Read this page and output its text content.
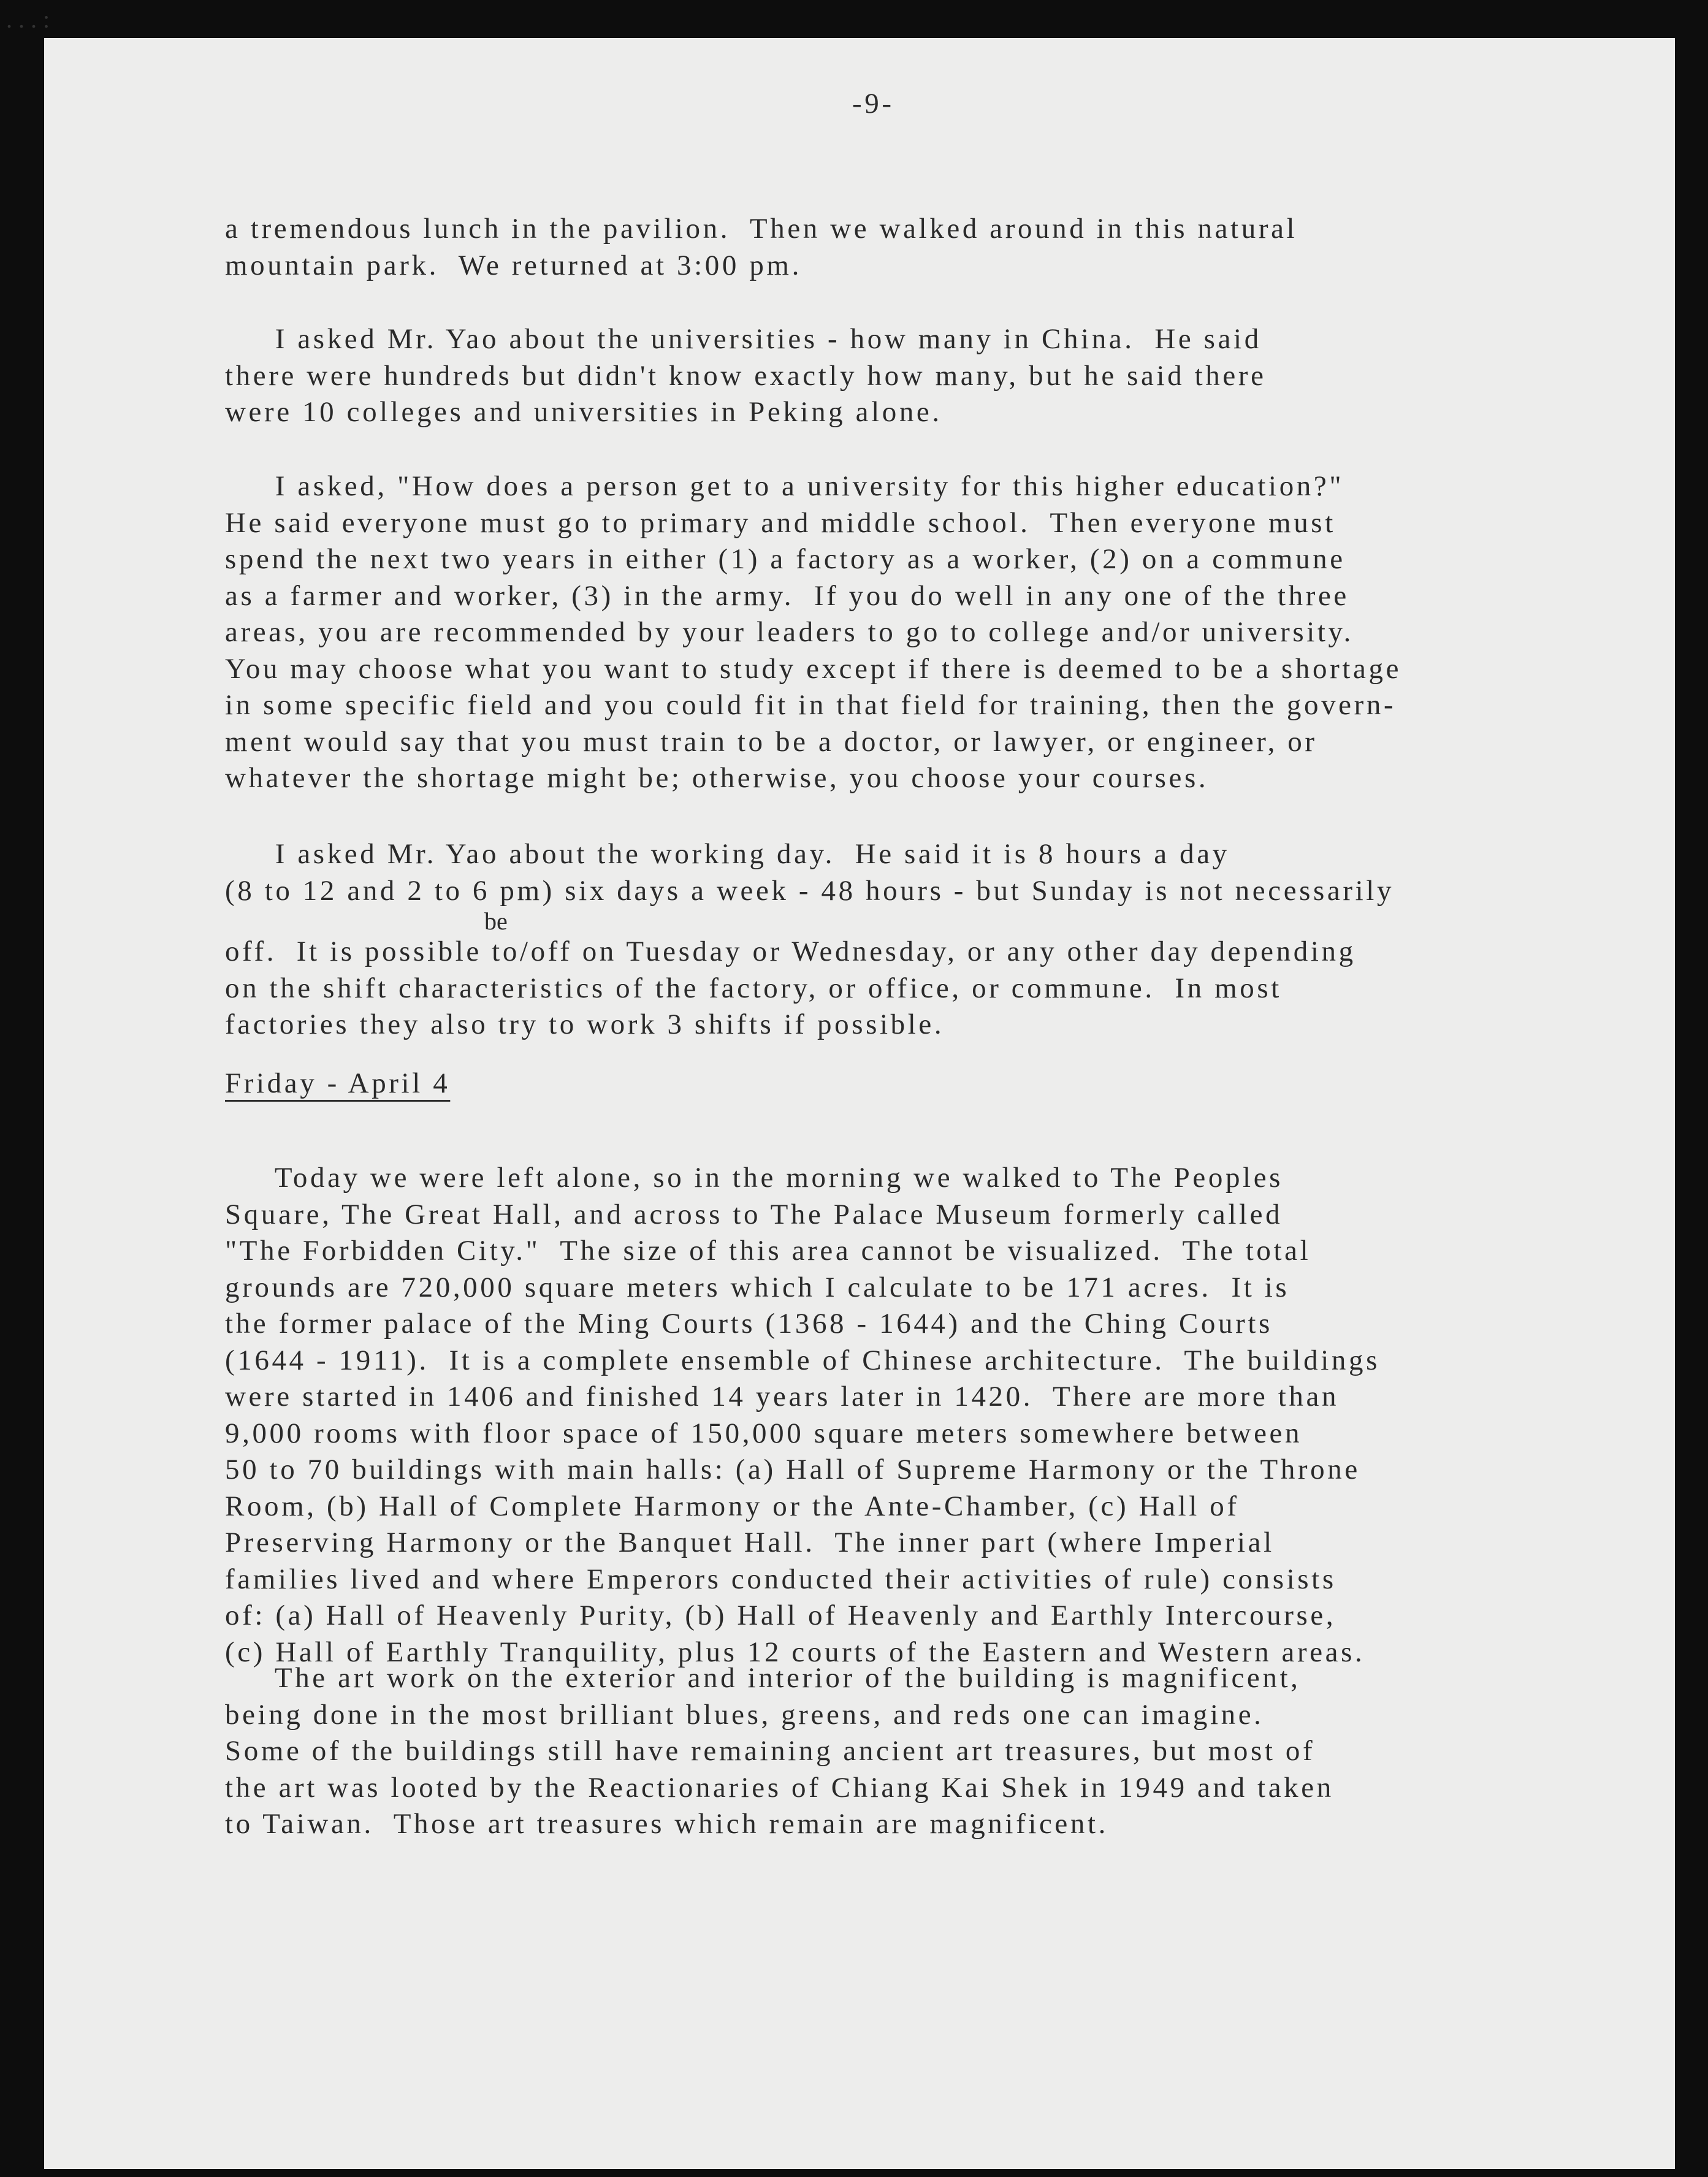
. . . :
-9-
a tremendous lunch in the pavilion.  Then we walked around in this natural
mountain park.  We returned at 3:00 pm.
I asked Mr. Yao about the universities - how many in China.  He said
there were hundreds but didn't know exactly how many, but he said there
were 10 colleges and universities in Peking alone.
I asked, "How does a person get to a university for this higher education?"
He said everyone must go to primary and middle school.  Then everyone must
spend the next two years in either (1) a factory as a worker, (2) on a commune
as a farmer and worker, (3) in the army.  If you do well in any one of the three
areas, you are recommended by your leaders to go to college and/or university.
You may choose what you want to study except if there is deemed to be a shortage
in some specific field and you could fit in that field for training, then the govern-
ment would say that you must train to be a doctor, or lawyer, or engineer, or
whatever the shortage might be; otherwise, you choose your courses.
I asked Mr. Yao about the working day.  He said it is 8 hours a day
(8 to 12 and 2 to 6 pm) six days a week - 48 hours - but Sunday is not necessarily
be
off.  It is possible to/off on Tuesday or Wednesday, or any other day depending
on the shift characteristics of the factory, or office, or commune.  In most
factories they also try to work 3 shifts if possible.
Friday - April 4
Today we were left alone, so in the morning we walked to The Peoples
Square, The Great Hall, and across to The Palace Museum formerly called
"The Forbidden City."  The size of this area cannot be visualized.  The total
grounds are 720,000 square meters which I calculate to be 171 acres.  It is
the former palace of the Ming Courts (1368 - 1644) and the Ching Courts
(1644 - 1911).  It is a complete ensemble of Chinese architecture.  The buildings
were started in 1406 and finished 14 years later in 1420.  There are more than
9,000 rooms with floor space of 150,000 square meters somewhere between
50 to 70 buildings with main halls: (a) Hall of Supreme Harmony or the Throne
Room, (b) Hall of Complete Harmony or the Ante-Chamber, (c) Hall of
Preserving Harmony or the Banquet Hall.  The inner part (where Imperial
families lived and where Emperors conducted their activities of rule) consists
of: (a) Hall of Heavenly Purity, (b) Hall of Heavenly and Earthly Intercourse,
(c) Hall of Earthly Tranquility, plus 12 courts of the Eastern and Western areas.
The art work on the exterior and interior of the building is magnificent,
being done in the most brilliant blues, greens, and reds one can imagine.
Some of the buildings still have remaining ancient art treasures, but most of
the art was looted by the Reactionaries of Chiang Kai Shek in 1949 and taken
to Taiwan.  Those art treasures which remain are magnificent.
